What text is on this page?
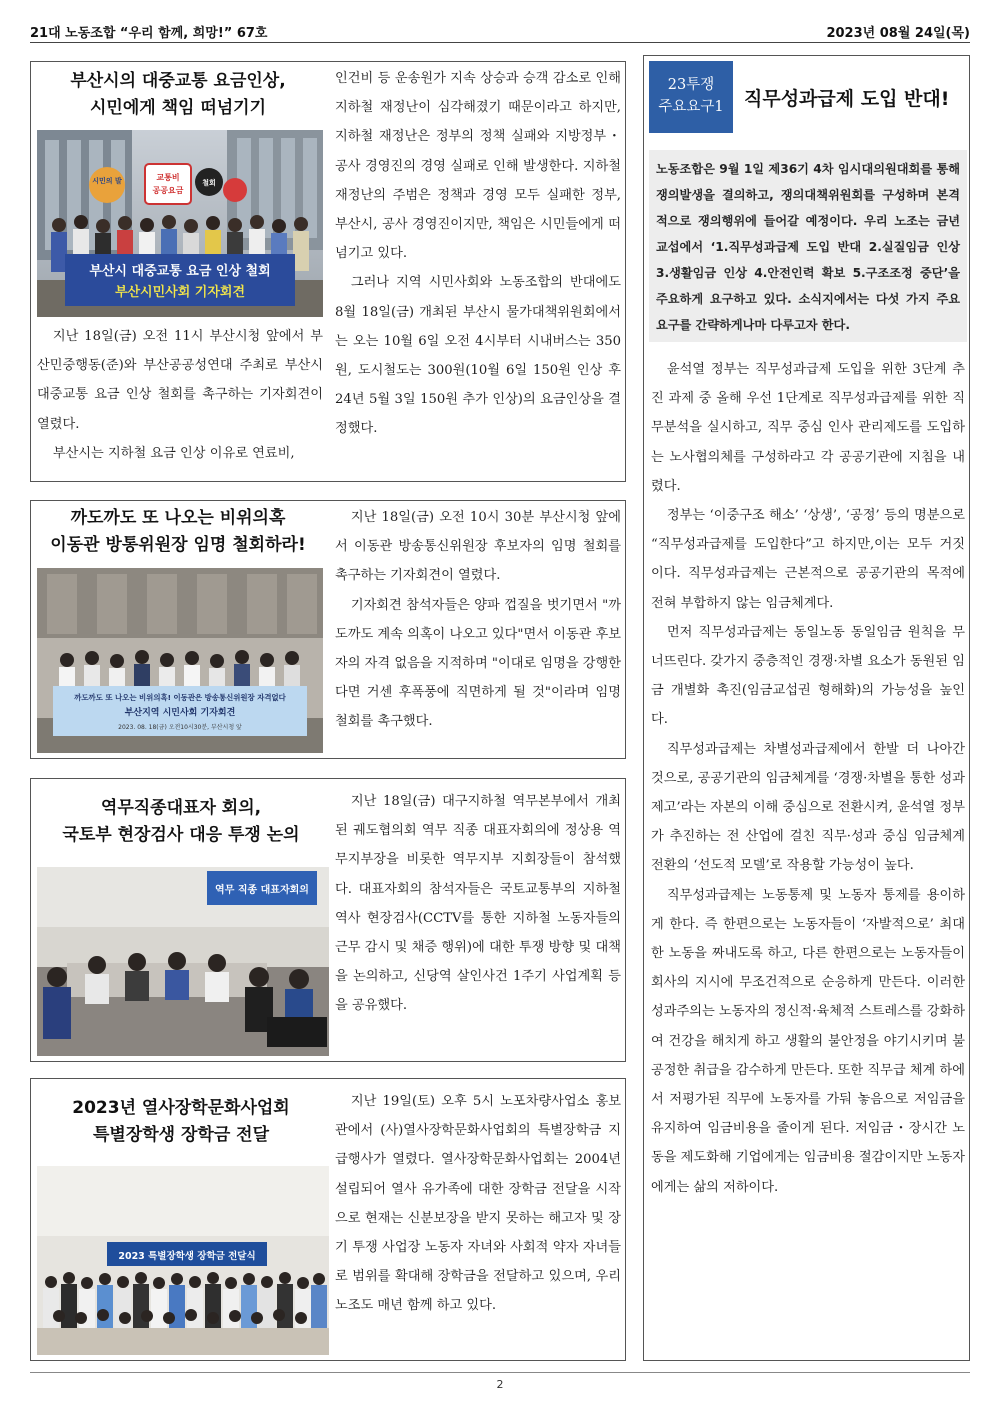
21대 노동조합 “우리 함께, 희망!” 67호	2023년 08월 24일(목)
부산시의 대중교통 요금인상,
시민에게 책임 떠넘기기
시민의 발	교통비
공공요금
철회
부산시 대중교통 요금 인상 철회
부산시민사회 기자회견

지난 18일(금) 오전 11시 부산시청 앞에서 부산민중행동(준)와 부산공공성연대 주최로 부산시 대중교통 요금 인상 철회를 촉구하는 기자회견이 열렸다.

부산시는 지하철 요금 인상 이유로 연료비,

인건비 등 운송원가 지속 상승과 승객 감소로 인해 지하철 재정난이 심각해졌기 때문이라고 하지만, 지하철 재정난은 정부의 정책 실패와 지방정부・공사 경영진의 경영 실패로 인해 발생한다. 지하철 재정난의 주범은 정책과 경영 모두 실패한 정부, 부산시, 공사 경영진이지만, 책임은 시민들에게 떠넘기고 있다.

그러나 지역 시민사회와 노동조합의 반대에도 8월 18일(금) 개최된 부산시 물가대책위원회에서는 오는 10월 6일 오전 4시부터 시내버스는 350원, 도시철도는 300원(10월 6일 150원 인상 후 24년 5월 3일 150원 추가 인상)의 요금인상을 결정했다.

까도까도 또 나오는 비위의혹
이동관 방통위원장 임명 철회하라!
까도까도 또 나오는 비위의혹! 이동관은 방송통신위원장 자격없다
부산지역 시민사회 기자회견
2023. 08. 18(금) 오전10시30분, 부산시청 앞

지난 18일(금) 오전 10시 30분 부산시청 앞에서 이동관 방송통신위원장 후보자의 임명 철회를 촉구하는 기자회견이 열렸다.

기자회견 참석자들은 양파 껍질을 벗기면서 "까도까도 계속 의혹이 나오고 있다"면서 이동관 후보자의 자격 없음을 지적하며 "이대로 임명을 강행한다면 거센 후폭풍에 직면하게 될 것"이라며 임명 철회를 촉구했다.

역무직종대표자 회의,
국토부 현장검사 대응 투쟁 논의
역무 직종 대표자회의

지난 18일(금) 대구지하철 역무본부에서 개최된 궤도협의회 역무 직종 대표자회의에 정상용 역무지부장을 비롯한 역무지부 지회장들이 참석했다. 대표자회의 참석자들은 국토교통부의 지하철 역사 현장검사(CCTV를 통한 지하철 노동자들의 근무 감시 및 채증 행위)에 대한 투쟁 방향 및 대책을 논의하고, 신당역 살인사건 1주기 사업계획 등을 공유했다.

2023년 열사장학문화사업회
특별장학생 장학금 전달
2023 특별장학생 장학금 전달식

지난 19일(토) 오후 5시 노포차량사업소 홍보관에서 (사)열사장학문화사업회의 특별장학금 지급행사가 열렸다. 열사장학문화사업회는 2004년 설립되어 열사 유가족에 대한 장학금 전달을 시작으로 현재는 신분보장을 받지 못하는 해고자 및 장기 투쟁 사업장 노동자 자녀와 사회적 약자 자녀들로 범위를 확대해 장학금을 전달하고 있으며, 우리 노조도 매년 함께 하고 있다.

23투쟁
주요요구1	직무성과급제 도입 반대!
노동조합은 9월 1일 제36기 4차 임시대의원대회를 통해 쟁의발생을 결의하고, 쟁의대책위원회를 구성하며 본격적으로 쟁의행위에 들어갈 예정이다. 우리 노조는 금년 교섭에서 ‘1.직무성과급제 도입 반대 2.실질임금 인상 3.생활임금 인상 4.안전인력 확보 5.구조조정 중단’을 주요하게 요구하고 있다. 소식지에서는 다섯 가지 주요 요구를 간략하게나마 다루고자 한다.

윤석열 정부는 직무성과급제 도입을 위한 3단계 추진 과제 중 올해 우선 1단계로 직무성과급제를 위한 직무분석을 실시하고, 직무 중심 인사 관리제도를 도입하는 노사협의체를 구성하라고 각 공공기관에 지침을 내렸다.

정부는 ‘이중구조 해소’ ‘상생’, ‘공정’ 등의 명분으로 “직무성과급제를 도입한다”고 하지만,이는 모두 거짓이다. 직무성과급제는 근본적으로 공공기관의 목적에 전혀 부합하지 않는 임금체계다.

먼저 직무성과급제는 동일노동 동일임금 원칙을 무너뜨린다. 갖가지 중층적인 경쟁·차별 요소가 동원된 임금 개별화 촉진(임금교섭권 형해화)의 가능성을 높인다.

직무성과급제는 차별성과급제에서 한발 더 나아간 것으로, 공공기관의 임금체계를 ‘경쟁·차별을 통한 성과 제고’라는 자본의 이해 중심으로 전환시켜, 윤석열 정부가 추진하는 전 산업에 걸친 직무·성과 중심 임금체계 전환의 ‘선도적 모델’로 작용할 가능성이 높다.

직무성과급제는 노동통제 및 노동자 통제를 용이하게 한다. 즉 한편으로는 노동자들이 ‘자발적으로’ 최대한 노동을 짜내도록 하고, 다른 한편으로는 노동자들이 회사의 지시에 무조건적으로 순응하게 만든다. 이러한 성과주의는 노동자의 정신적·육체적 스트레스를 강화하여 건강을 해치게 하고 생활의 불안정을 야기시키며 불공정한 취급을 감수하게 만든다. 또한 직무급 체계 하에서 저평가된 직무에 노동자를 가둬 놓음으로 저임금을 유지하여 임금비용을 줄이게 된다. 저임금・장시간 노동을 제도화해 기업에게는 임금비용 절감이지만 노동자에게는 삶의 저하이다.

2
